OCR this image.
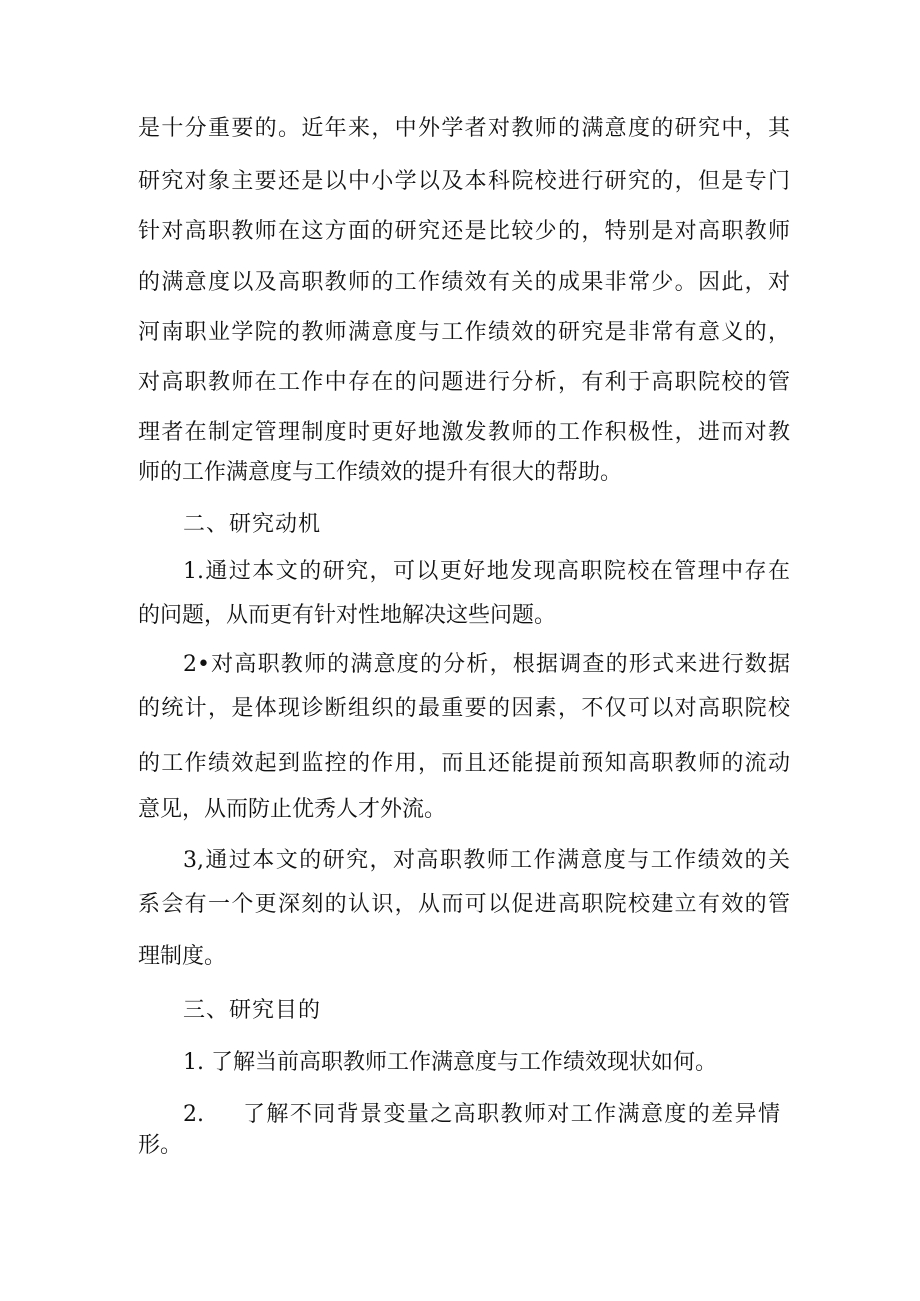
是十分重要的。近年来，中外学者对教师的满意度的研究中，其
研究对象主要还是以中小学以及本科院校进行研究的，但是专门
针对高职教师在这方面的研究还是比较少的，特别是对高职教师
的满意度以及高职教师的工作绩效有关的成果非常少。因此，对
河南职业学院的教师满意度与工作绩效的研究是非常有意义的，
对高职教师在工作中存在的问题进行分析，有利于高职院校的管
理者在制定管理制度时更好地激发教师的工作积极性，进而对教
师的工作满意度与工作绩效的提升有很大的帮助。
二、研究动机
1.通过本文的研究，可以更好地发现高职院校在管理中存在
的问题，从而更有针对性地解决这些问题。
2•对高职教师的满意度的分析，根据调查的形式来进行数据
的统计，是体现诊断组织的最重要的因素，不仅可以对高职院校
的工作绩效起到监控的作用，而且还能提前预知高职教师的流动
意见，从而防止优秀人才外流。
3,通过本文的研究，对高职教师工作满意度与工作绩效的关
系会有一个更深刻的认识，从而可以促进高职院校建立有效的管
理制度。
三、研究目的
1. 了解当前高职教师工作满意度与工作绩效现状如何。
2. 了解不同背景变量之高职教师对工作满意度的差异情
形。
